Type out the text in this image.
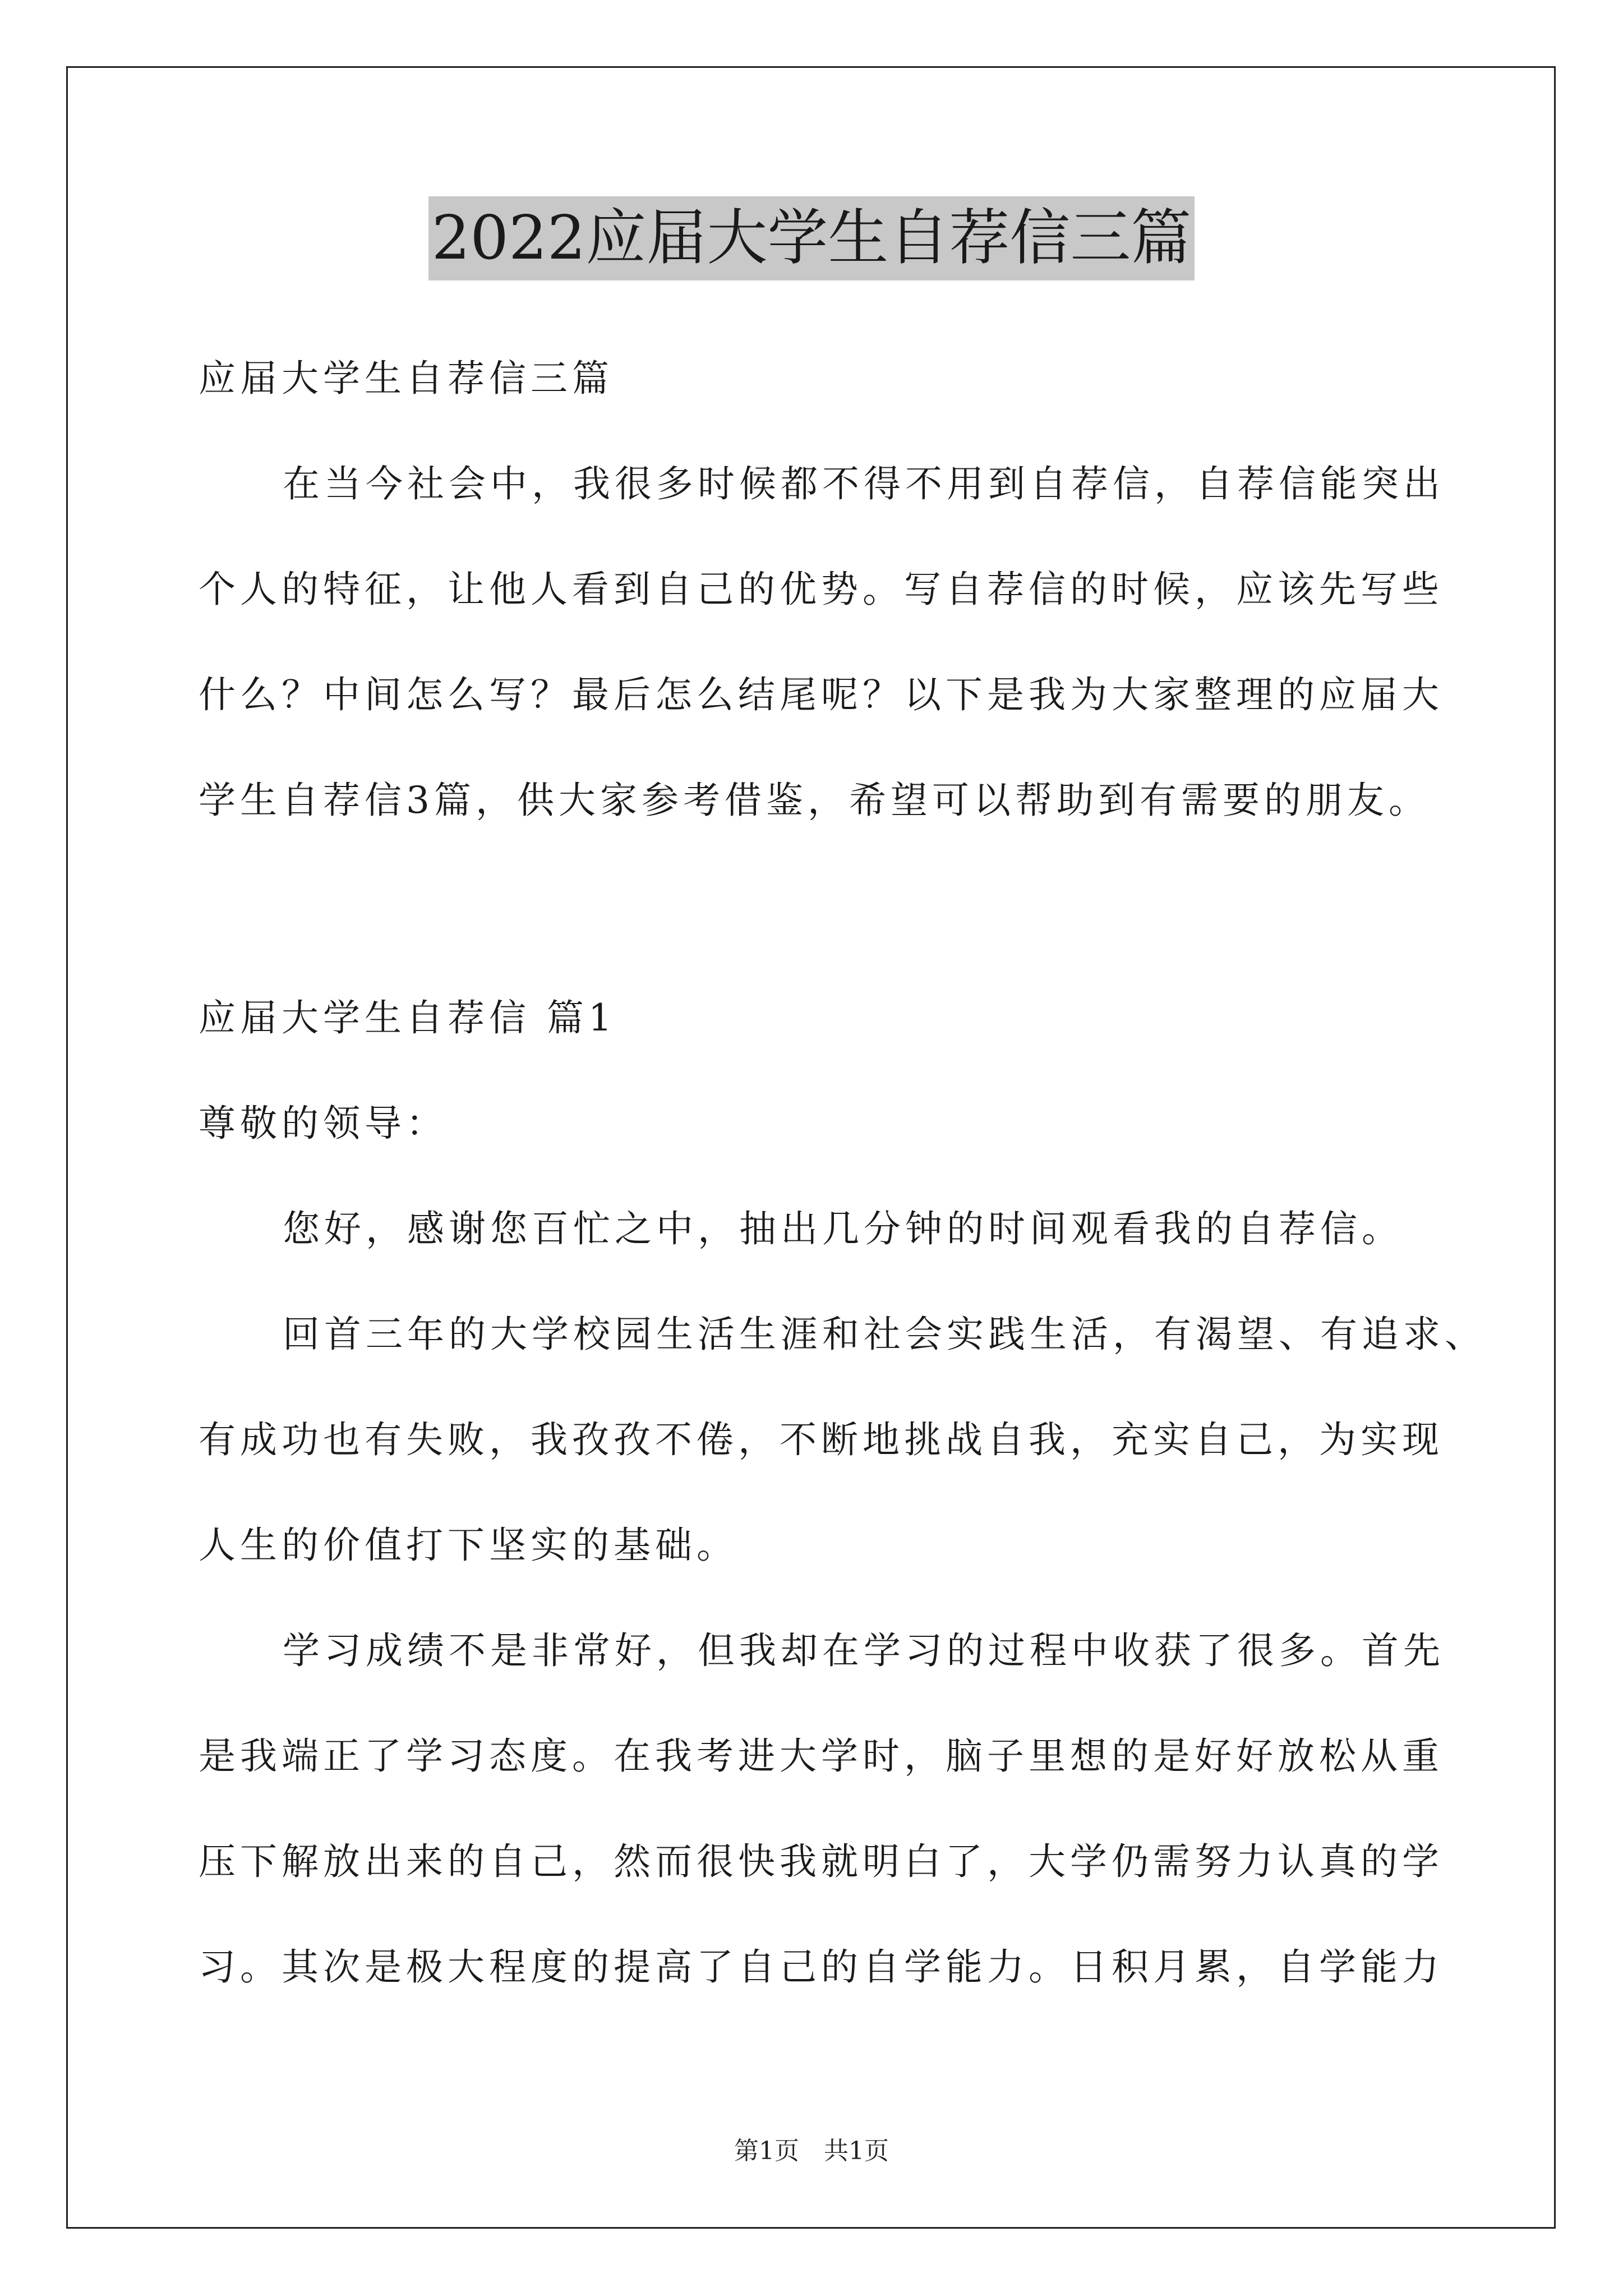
2022应届大学生自荐信三篇
应届大学生自荐信三篇
在当今社会中，我很多时候都不得不用到自荐信，自荐信能突出
个人的特征，让他人看到自己的优势。写自荐信的时候，应该先写些
什么？中间怎么写？最后怎么结尾呢？以下是我为大家整理的应届大
学生自荐信3篇，供大家参考借鉴，希望可以帮助到有需要的朋友。
应届大学生自荐信 篇1
尊敬的领导：
您好，感谢您百忙之中，抽出几分钟的时间观看我的自荐信。
回首三年的大学校园生活生涯和社会实践生活，有渴望、有追求、
有成功也有失败，我孜孜不倦，不断地挑战自我，充实自己，为实现
人生的价值打下坚实的基础。
学习成绩不是非常好，但我却在学习的过程中收获了很多。首先
是我端正了学习态度。在我考进大学时，脑子里想的是好好放松从重
压下解放出来的自己，然而很快我就明白了，大学仍需努力认真的学
习。其次是极大程度的提高了自己的自学能力。日积月累，自学能力
第1页　共1页
